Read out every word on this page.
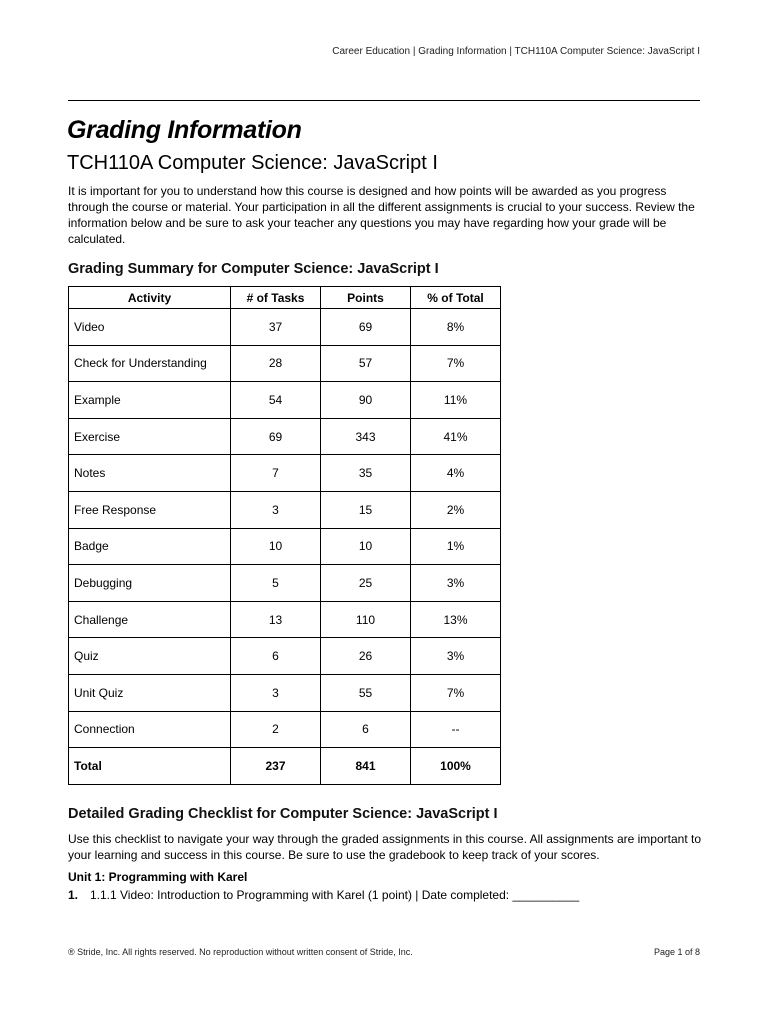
Career Education | Grading Information | TCH110A Computer Science: JavaScript I
Grading Information
TCH110A Computer Science: JavaScript I

It is important for you to understand how this course is designed and how points will be awarded as you progress through the course or material. Your participation in all the different assignments is crucial to your success. Review the information below and be sure to ask your teacher any questions you may have regarding how your grade will be calculated.

Grading Summary for Computer Science: JavaScript I
Activity	# of Tasks	Points	% of Total
Video	37	69	8%
Check for Understanding	28	57	7%
Example	54	90	11%
Exercise	69	343	41%
Notes	7	35	4%
Free Response	3	15	2%
Badge	10	10	1%
Debugging	5	25	3%
Challenge	13	110	13%
Quiz	6	26	3%
Unit Quiz	3	55	7%
Connection	2	6	--
Total	237	841	100%
Detailed Grading Checklist for Computer Science: JavaScript I

Use this checklist to navigate your way through the graded assignments in this course. All assignments are important to your learning and success in this course. Be sure to use the gradebook to keep track of your scores.

Unit 1: Programming with Karel

1. 1.1.1 Video: Introduction to Programming with Karel (1 point) | Date completed: __________

® Stride, Inc. All rights reserved. No reproduction without written consent of Stride, Inc.	Page 1 of 8
